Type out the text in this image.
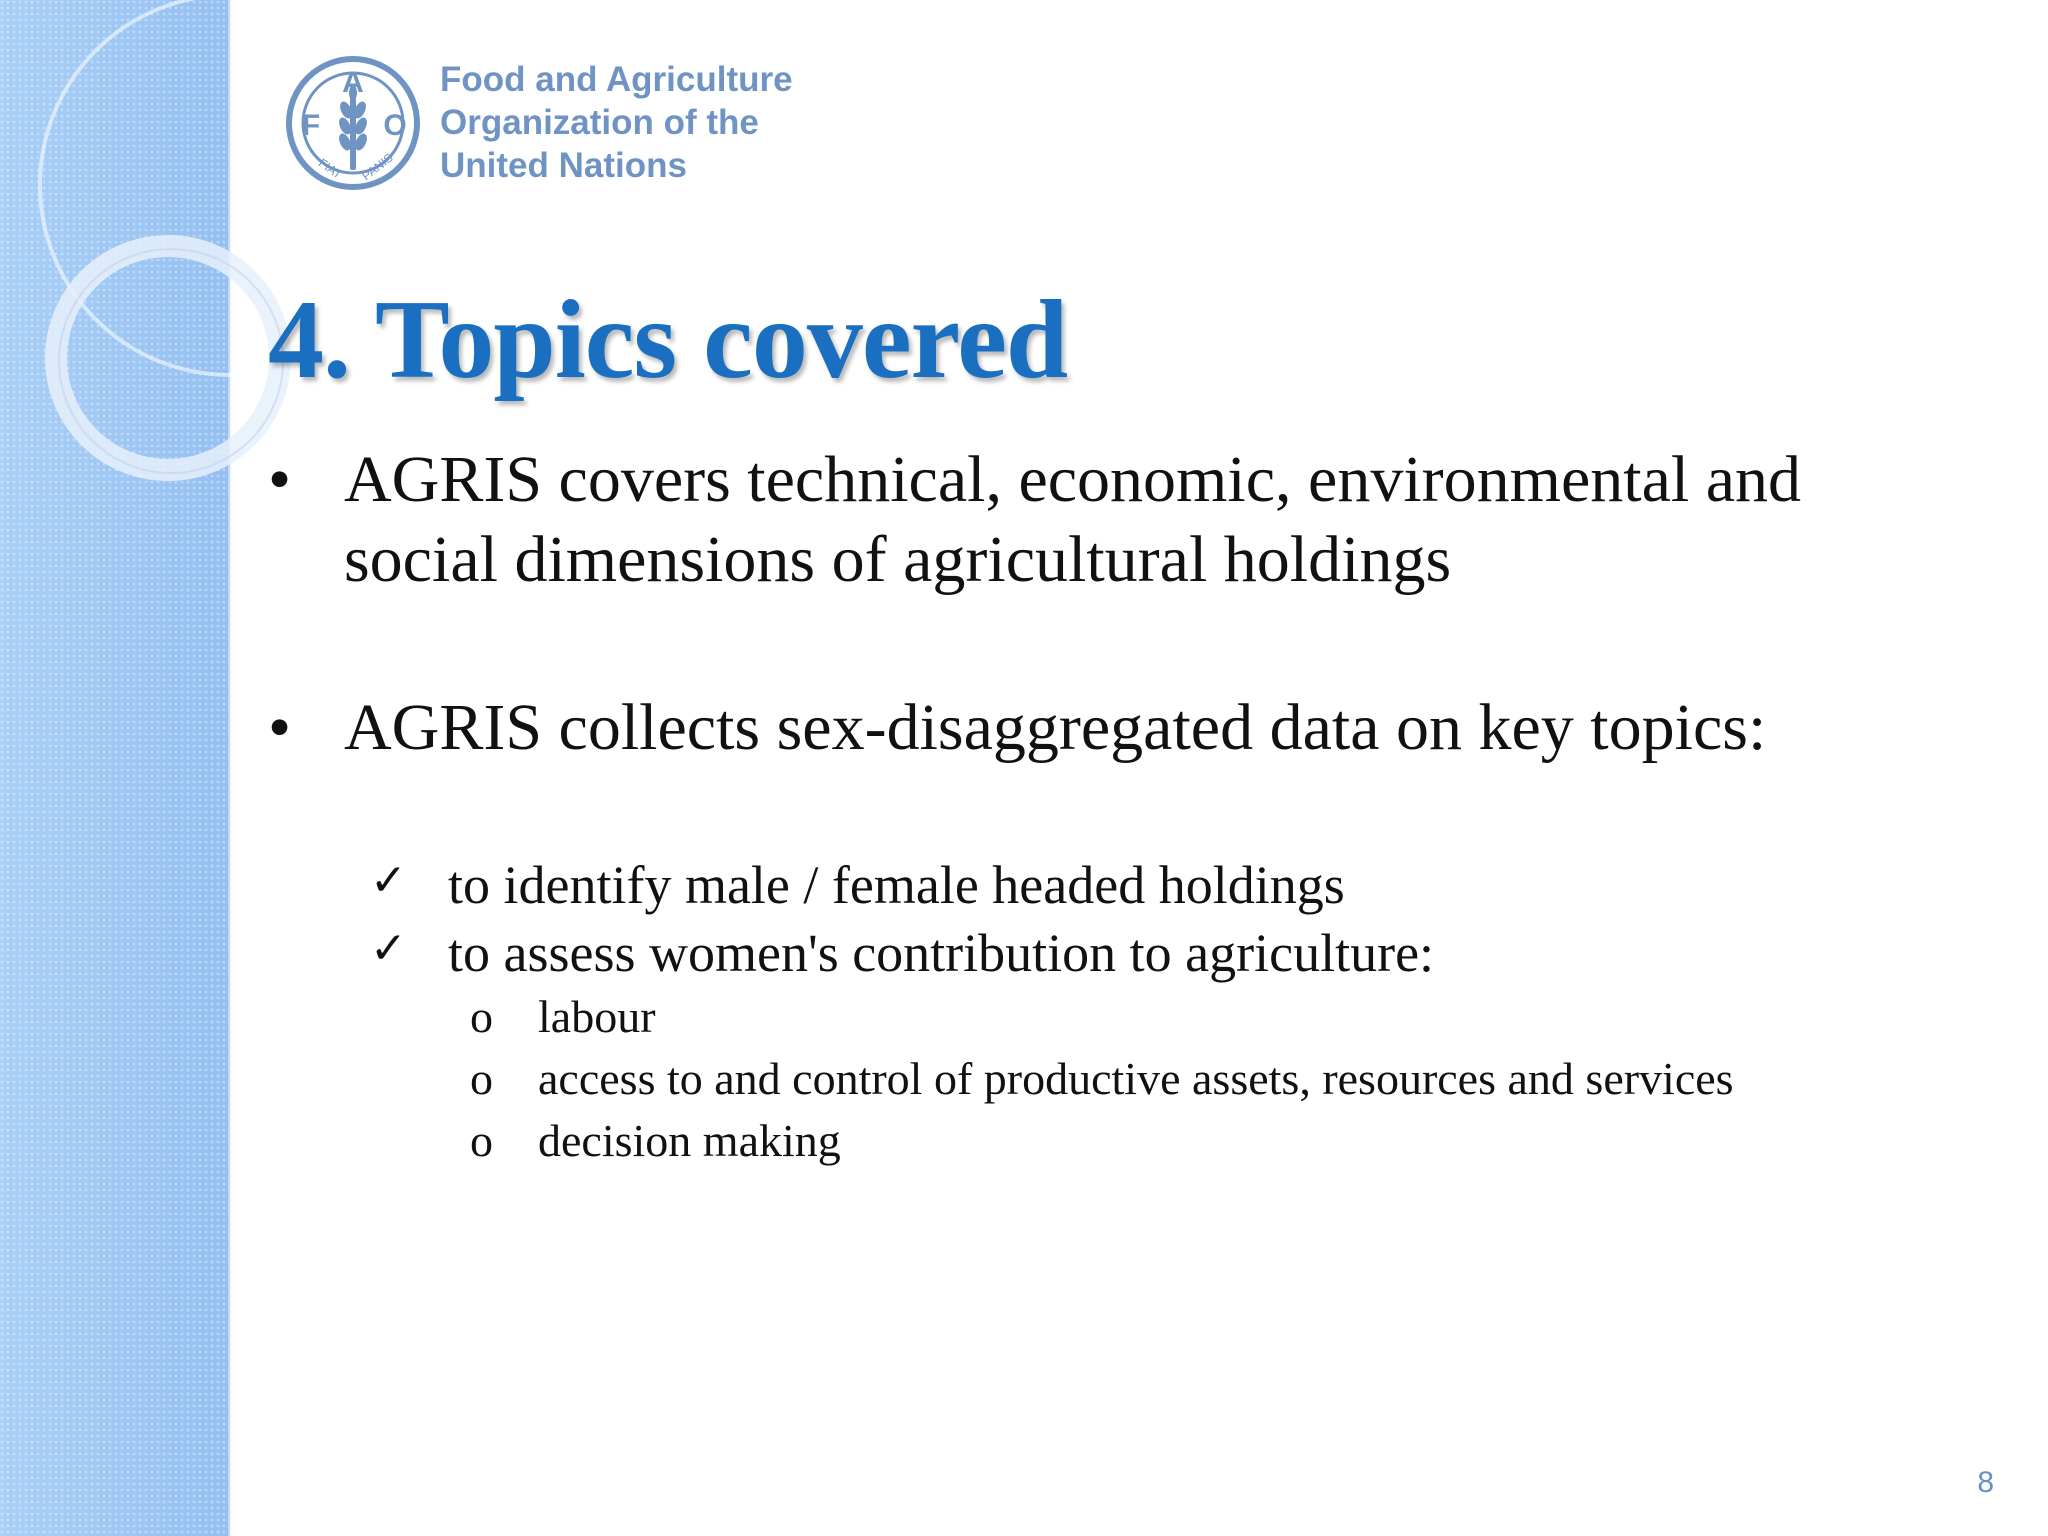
F
A
O
FIAT PANIS
Food and Agriculture
Organization of the
United Nations
4. Topics covered
• AGRIS covers technical, economic, environmental and
social dimensions of agricultural holdings
• AGRIS collects sex-disaggregated data on key topics:
✓ to identify male / female headed holdings
✓ to assess women's contribution to agriculture:
o labour
o access to and control of productive assets, resources and services
o decision making
8
